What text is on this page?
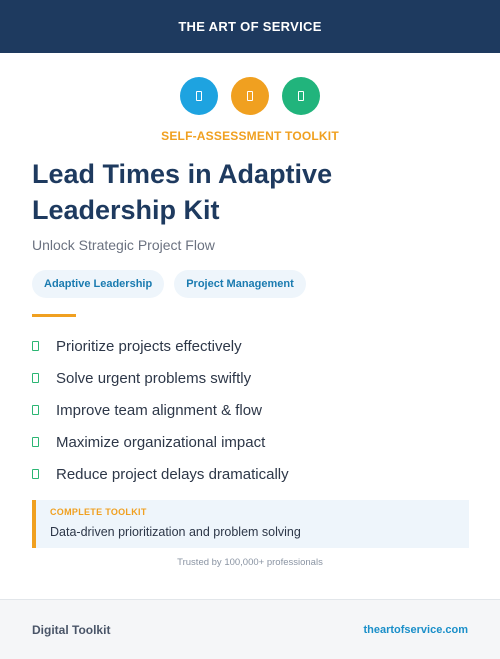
THE ART OF SERVICE
SELF-ASSESSMENT TOOLKIT
Lead Times in Adaptive Leadership Kit
Unlock Strategic Project Flow
Adaptive Leadership	Project Management
Prioritize projects effectively
Solve urgent problems swiftly
Improve team alignment & flow
Maximize organizational impact
Reduce project delays dramatically
COMPLETE TOOLKIT
Data-driven prioritization and problem solving
Trusted by 100,000+ professionals
Digital Toolkit	theartofservice.com
